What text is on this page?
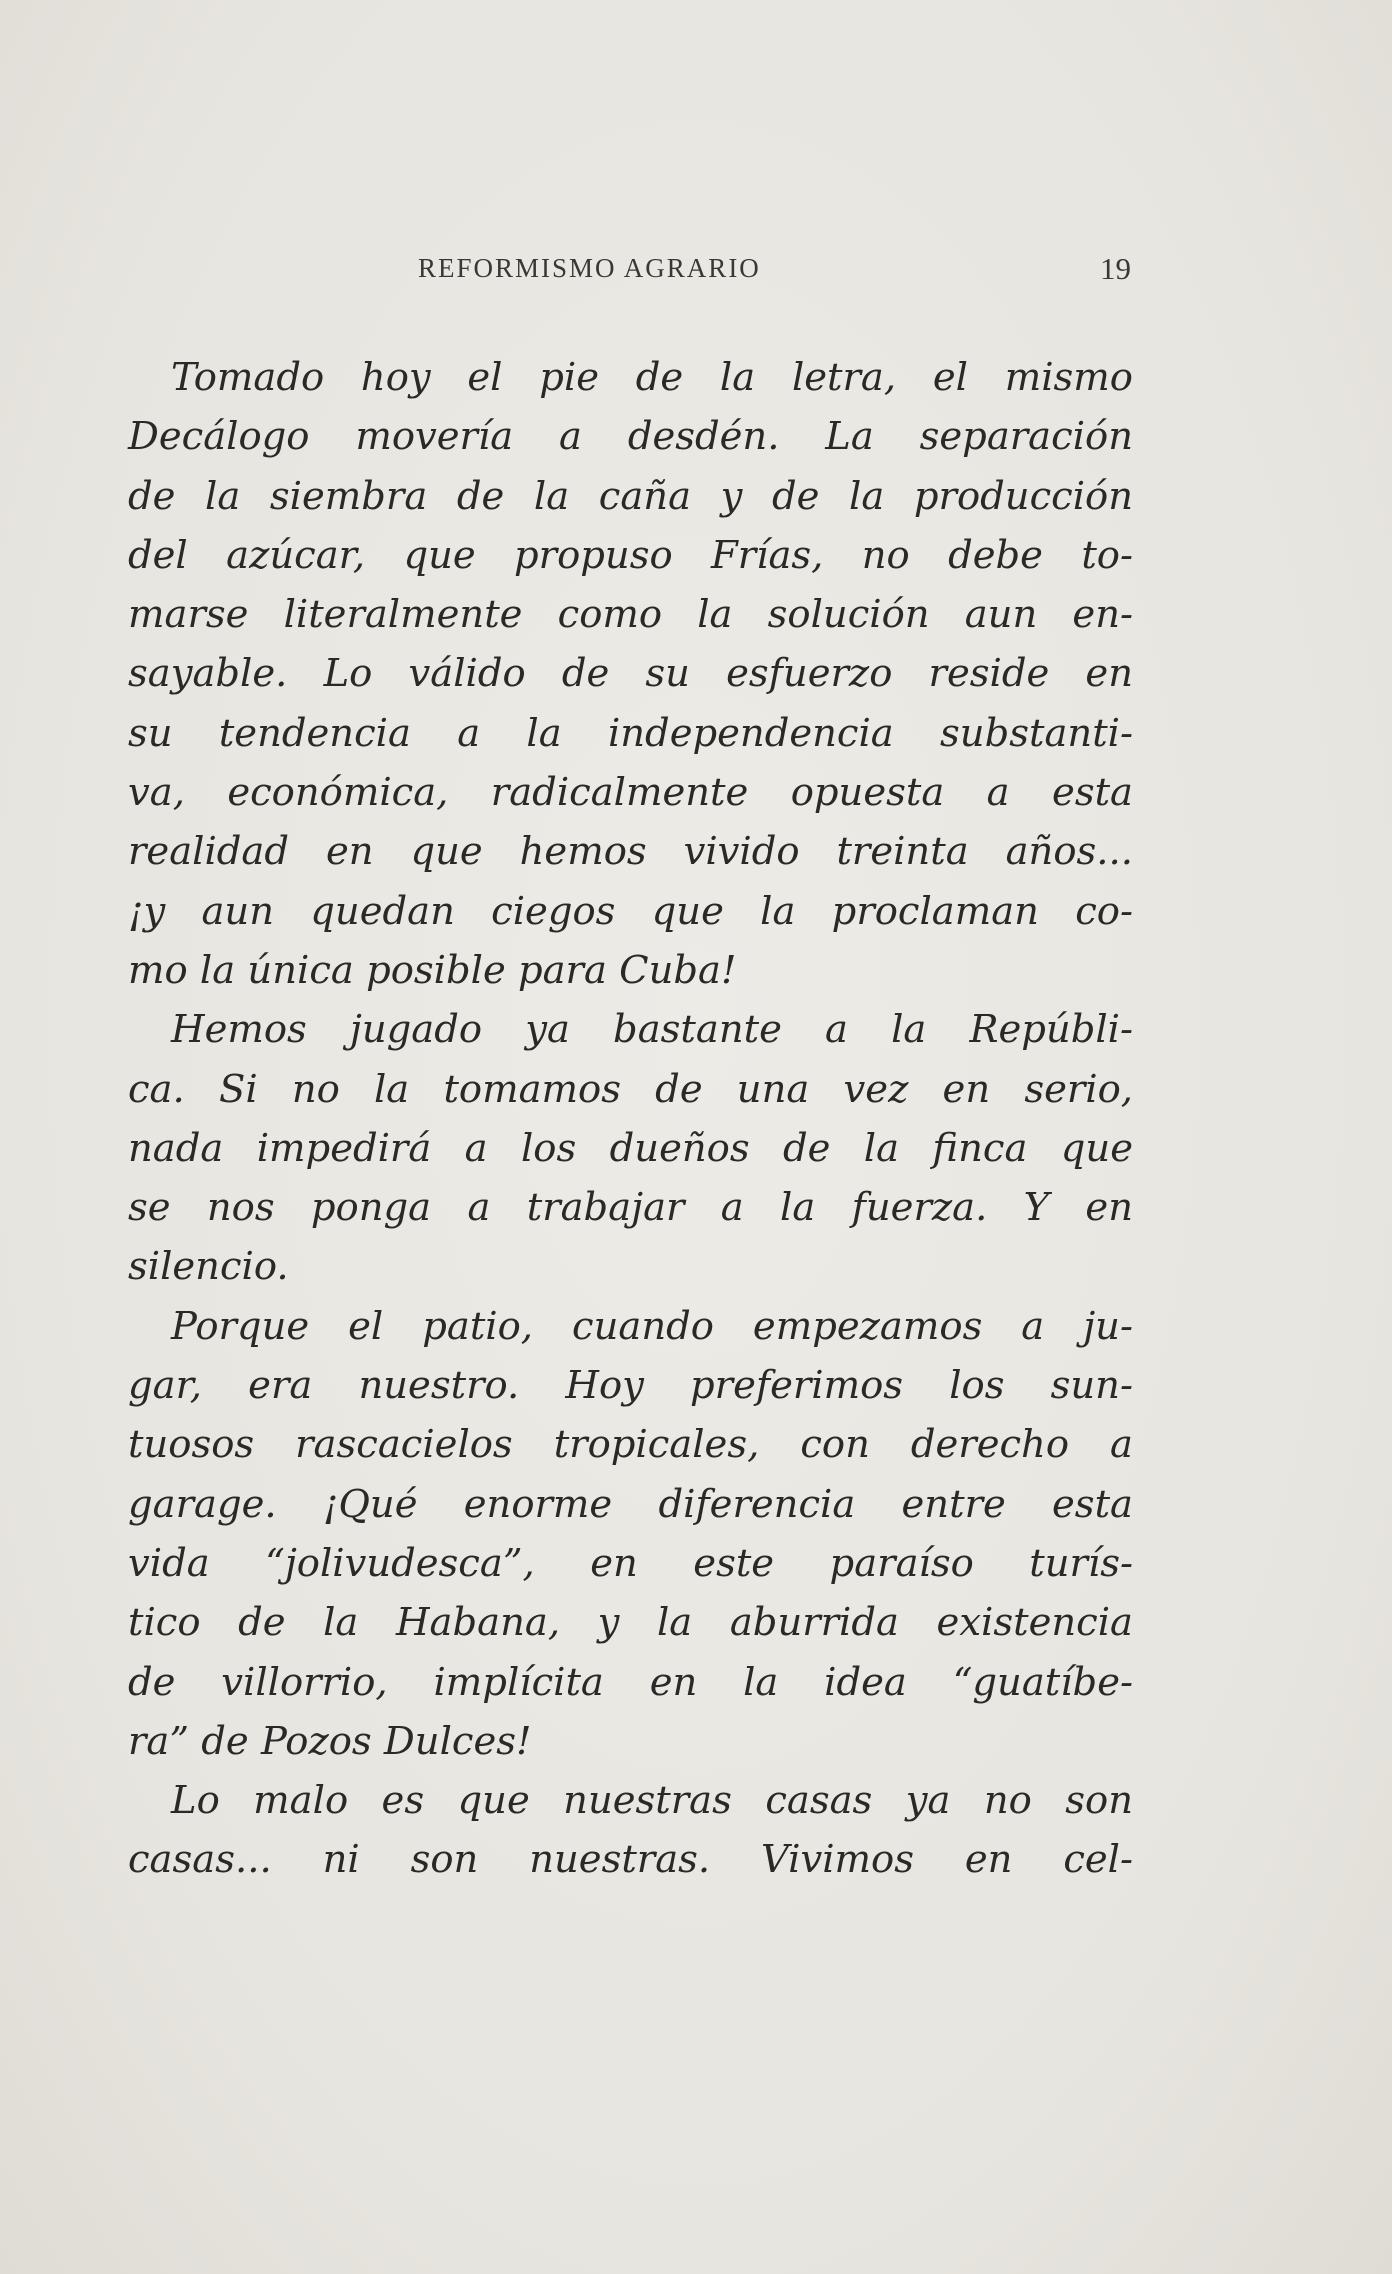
REFORMISMO AGRARIO	19
Tomado hoy el pie de la letra, el mismo
Decálogo movería a desdén. La separación
de la siembra de la caña y de la producción
del azúcar, que propuso Frías, no debe to-
marse literalmente como la solución aun en-
sayable. Lo válido de su esfuerzo reside en
su tendencia a la independencia substanti-
va, económica, radicalmente opuesta a esta
realidad en que hemos vivido treinta años...
¡y aun quedan ciegos que la proclaman co-
mo la única posible para Cuba!
Hemos jugado ya bastante a la Repúbli-
ca. Si no la tomamos de una vez en serio,
nada impedirá a los dueños de la finca que
se nos ponga a trabajar a la fuerza. Y en
silencio.
Porque el patio, cuando empezamos a ju-
gar, era nuestro. Hoy preferimos los sun-
tuosos rascacielos tropicales, con derecho a
garage. ¡Qué enorme diferencia entre esta
vida “jolivudesca”, en este paraíso turís-
tico de la Habana, y la aburrida existencia
de villorrio, implícita en la idea “guatíbe-
ra” de Pozos Dulces!
Lo malo es que nuestras casas ya no son
casas... ni son nuestras. Vivimos en cel-
